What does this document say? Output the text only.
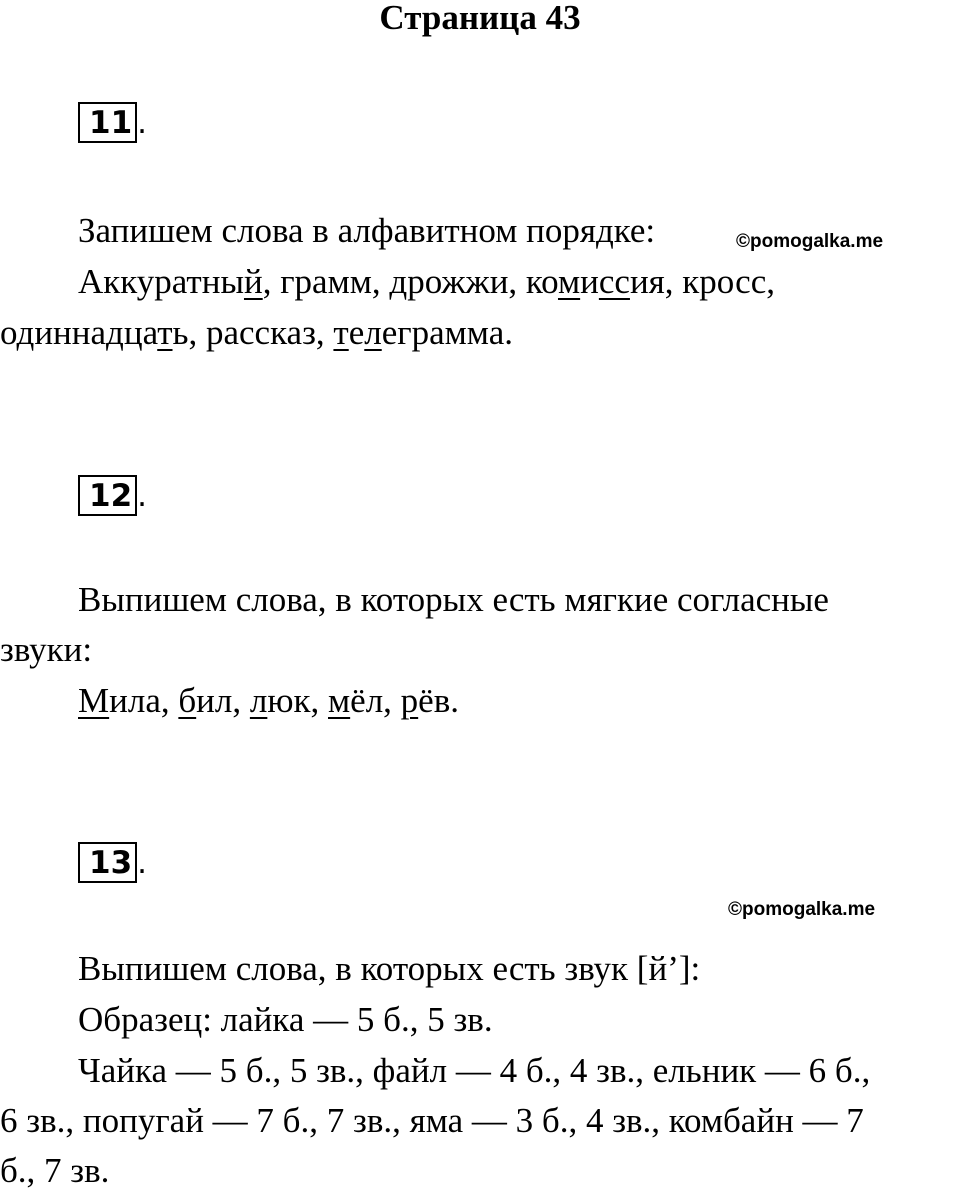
Страница 43
11 .
Запишем слова в алфавитном порядке:	©pomogalka.me
Аккуратный, грамм, дрожжи, комиссия, кросс,
одиннадцать, рассказ, телеграмма.
12 .
Выпишем слова, в которых есть мягкие согласные
звуки:
Мила, бил, люк, мёл, рёв.
13 .
©pomogalka.me
Выпишем слова, в которых есть звук [й’]:
Образец: лайка — 5 б., 5 зв.
Чайка — 5 б., 5 зв., файл — 4 б., 4 зв., ельник — 6 б.,
6 зв., попугай — 7 б., 7 зв., яма — 3 б., 4 зв., комбайн — 7
б., 7 зв.
